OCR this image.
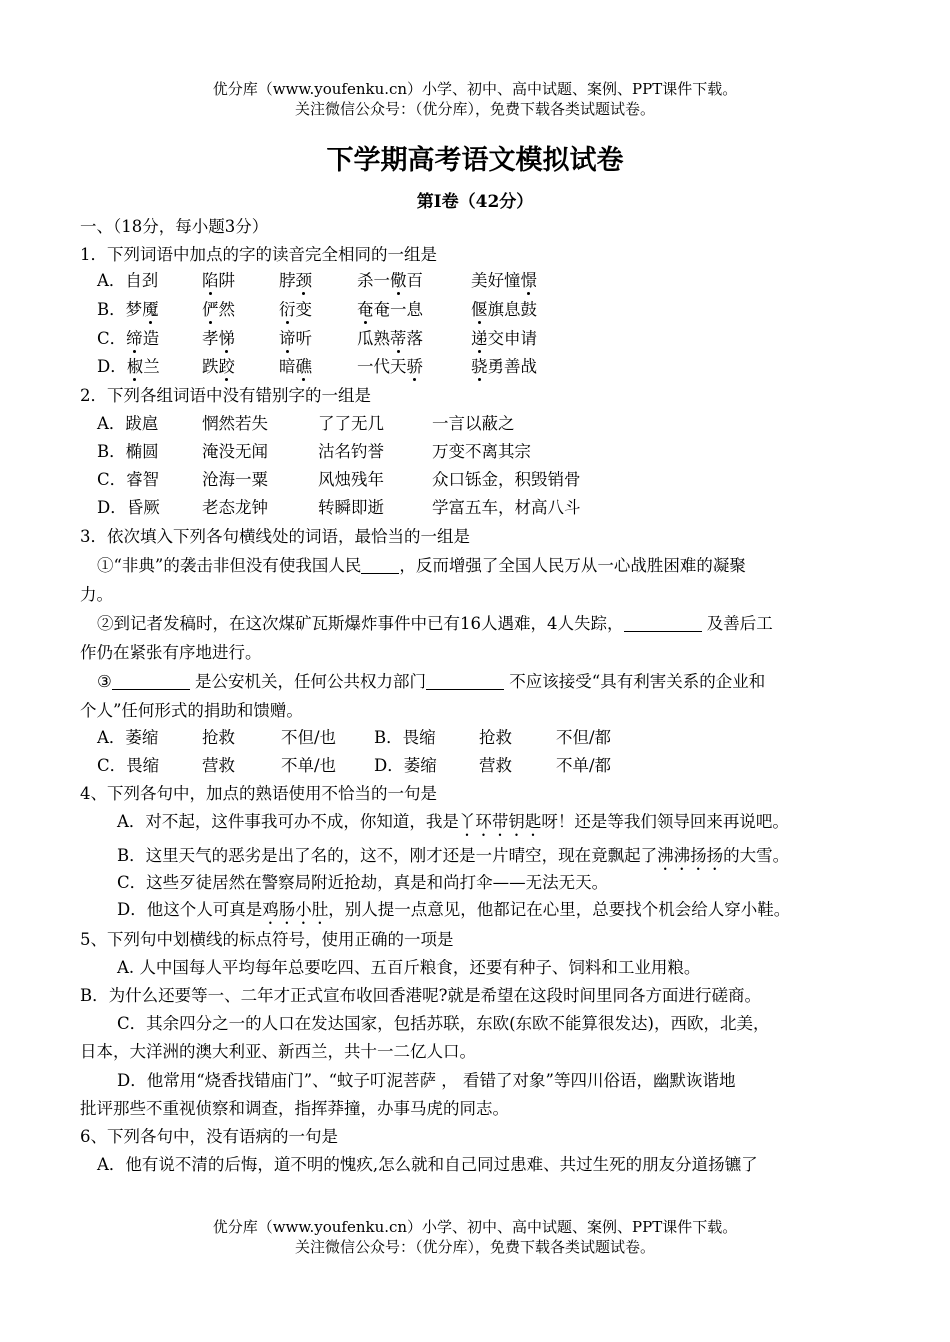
优分库（www.youfenku.cn）小学、初中、高中试题、案例、PPT课件下载。
关注微信公众号：（优分库），免费下载各类试题试卷。
下学期高考语文模拟试卷
第Ⅰ卷（42分）
一、（18分，每小题3分）
1．下列词语中加点的字的读音完全相同的一组是
A．自刭	陷阱	脖颈	杀一儆百	美好憧憬
B．梦魇	俨然	衍变	奄奄一息	偃旗息鼓
C．缔造	孝悌	谛听	瓜熟蒂落	递交申请
D．椒兰	跌跤	暗礁	一代天骄	骁勇善战
2．下列各组词语中没有错别字的一组是
A．跋扈	惘然若失	了了无几	一言以蔽之
B．椭圆	淹没无闻	沽名钓誉	万变不离其宗
C．睿智	沧海一粟	风烛残年	众口铄金，积毁销骨
D．昏厥	老态龙钟	转瞬即逝	学富五车，材高八斗
3．依次填入下列各句横线处的词语，最恰当的一组是
①“非典”的袭击非但没有使我国人民 ，反而增强了全国人民万从一心战胜困难的凝聚
力。
②到记者发稿时，在这次煤矿瓦斯爆炸事件中已有16人遇难，4人失踪，	及善后工
作仍在紧张有序地进行。
③	是公安机关，任何公共权力部门	不应该接受“具有利害关系的企业和
个人”任何形式的捐助和馈赠。
A．萎缩	抢救	不但/也 B．畏缩	抢救	不但/都
C．畏缩	营救	不单/也 D．萎缩	营救	不单/都
4、下列各句中，加点的熟语使用不恰当的一句是
A．对不起，这件事我可办不成，你知道，我是丫环带钥匙呀！还是等我们领导回来再说吧。
B．这里天气的恶劣是出了名的，这不，刚才还是一片晴空，现在竟飘起了沸沸扬扬的大雪。
C．这些歹徒居然在警察局附近抢劫，真是和尚打伞——无法无天。
D．他这个人可真是鸡肠小肚，别人提一点意见，他都记在心里，总要找个机会给人穿小鞋。
5、下列句中划横线的标点符号，使用正确的一项是
A. 人中国每人平均每年总要吃四、五百斤粮食，还要有种子、饲料和工业用粮。
B．为什么还要等一、二年才正式宣布收回香港呢?就是希望在这段时间里同各方面进行磋商。
C．其余四分之一的人口在发达国家，包括苏联，东欧(东欧不能算很发达)，西欧，北美，
日本，大洋洲的澳大利亚、新西兰，共十一二亿人口。
D．他常用“烧香找错庙门”、“蚊子叮泥菩萨 ， 看错了对象”等四川俗语，幽默诙谐地
批评那些不重视侦察和调查，指挥莽撞，办事马虎的同志。
6、下列各句中，没有语病的一句是
A．他有说不清的后悔，道不明的愧疚,怎么就和自己同过患难、共过生死的朋友分道扬镳了
优分库（www.youfenku.cn）小学、初中、高中试题、案例、PPT课件下载。
关注微信公众号：（优分库），免费下载各类试题试卷。
